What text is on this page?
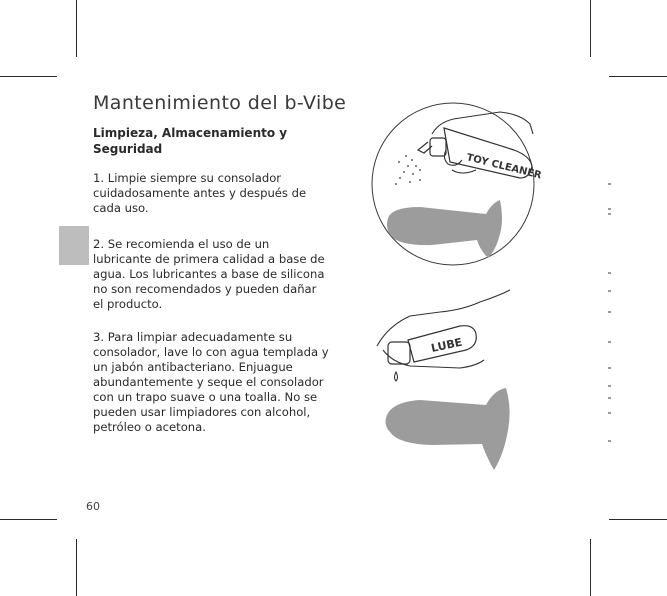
Mantenimiento del b-Vibe
Limpieza, Almacenamiento y Seguridad

1. Limpie siempre su consolador cuidadosamente antes y después de cada uso.

2. Se recomienda el uso de un lubricante de primera calidad a base de agua. Los lubricantes a base de silicona no son recomendados y pueden dañar el producto.

3. Para limpiar adecuadamente su consolador, lave lo con agua templada y un jabón antibacteriano. Enjuague abundantemente y seque el consolador con un trapo suave o una toalla. No se pueden usar limpiadores con alcohol, petróleo o acetona.

60
TOY CLEANER
LUBE
